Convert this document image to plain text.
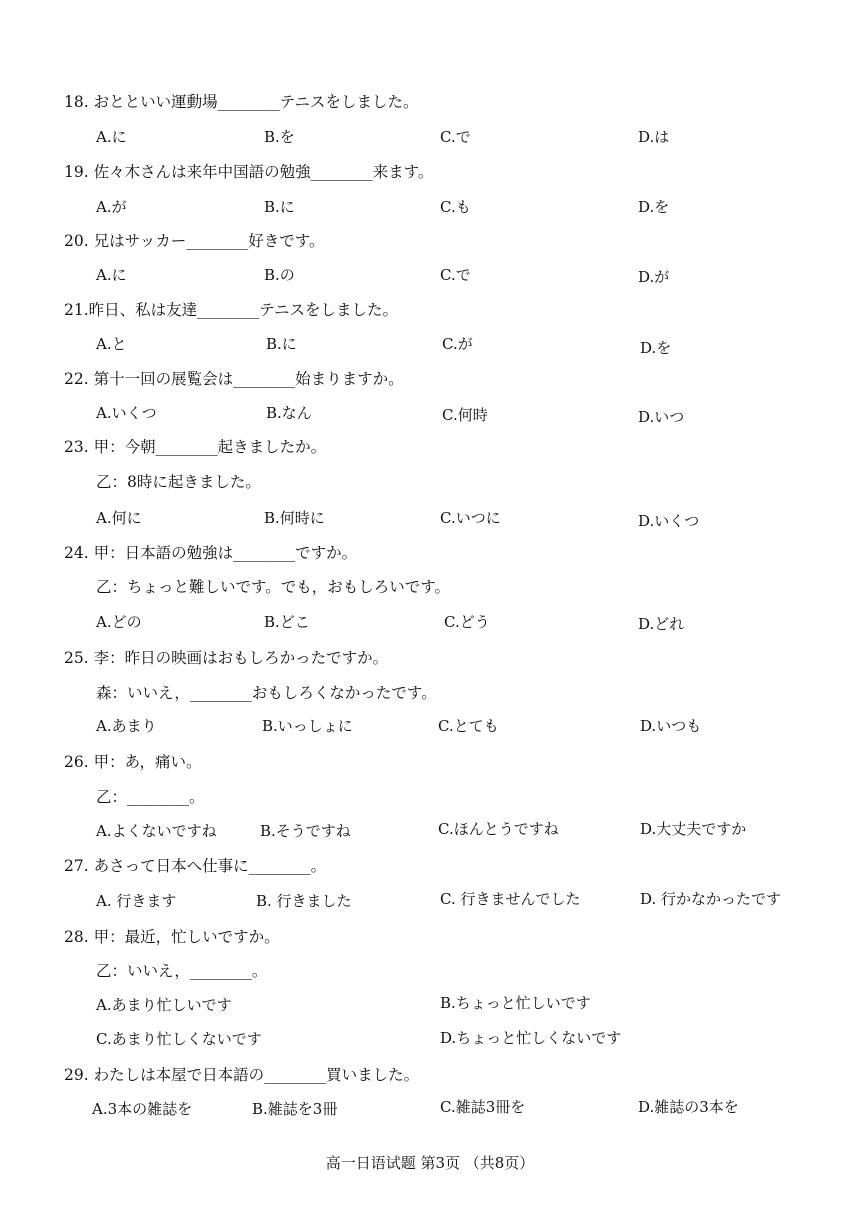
18. おとといい運動場________テニスをしました。
A.に	B.を	C.で	D.は
19. 佐々木さんは来年中国語の勉強________来ます。
A.が	B.に	C.も	D.を
20. 兄はサッカー________好きです。
A.に	B.の	C.で	D.が
21.昨日、私は友達________テニスをしました。
A.と	B.に	C.が	D.を
22. 第十一回の展覧会は________始まりますか。
A.いくつ	B.なん	C.何時	D.いつ
23. 甲：今朝________起きましたか。
乙：8時に起きました。
A.何に	B.何時に	C.いつに	D.いくつ
24. 甲：日本語の勉強は________ですか。
乙：ちょっと難しいです。でも，おもしろいです。
A.どの	B.どこ	C.どう	D.どれ
25. 李：昨日の映画はおもしろかったですか。
森：いいえ，________おもしろくなかったです。
A.あまり	B.いっしょに	C.とても	D.いつも
26. 甲：あ，痛い。
乙：________。
A.よくないですね	B.そうですね	C.ほんとうですね	D.大丈夫ですか
27. あさって日本へ仕事に________。
A. 行きます	B. 行きました	C. 行きませんでした	D. 行かなかったです
28. 甲：最近，忙しいですか。
乙：いいえ，________。
A.あまり忙しいです	B.ちょっと忙しいです
C.あまり忙しくないです	D.ちょっと忙しくないです
29. わたしは本屋で日本語の________買いました。
A.3本の雑誌を	B.雑誌を3冊	C.雑誌3冊を	D.雑誌の3本を
高一日语试题 第3页 （共8页）
